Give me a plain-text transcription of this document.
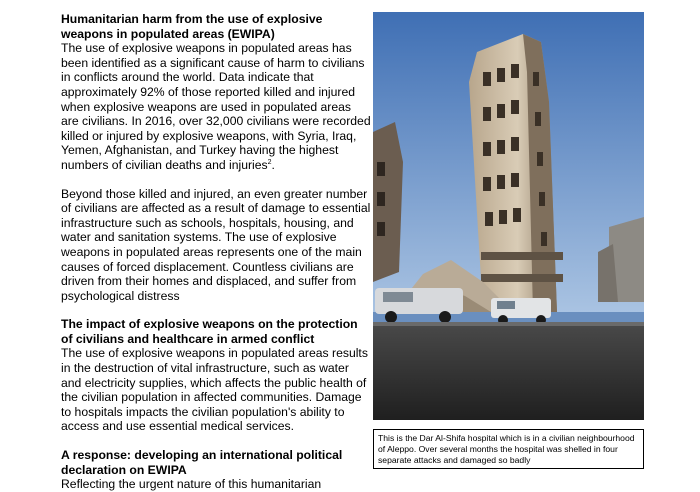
Humanitarian harm from the use of explosive weapons in populated areas (EWIPA)
The use of explosive weapons in populated areas has been identified as a significant cause of harm to civilians in conflicts around the world. Data indicate that approximately 92% of those reported killed and injured when explosive weapons are used in populated areas are civilians. In 2016, over 32,000 civilians were recorded killed or injured by explosive weapons, with Syria, Iraq, Yemen, Afghanistan, and Turkey having the highest numbers of civilian deaths and injuries$^2$.
Beyond those killed and injured, an even greater number of civilians are affected as a result of damage to essential infrastructure such as schools, hospitals, housing, and water and sanitation systems. The use of explosive weapons in populated areas represents one of the main causes of forced displacement. Countless civilians are driven from their homes and displaced, and suffer from psychological distress
The impact of explosive weapons on the protection of civilians and healthcare in armed conflict
The use of explosive weapons in populated areas results in the destruction of vital infrastructure, such as water and electricity supplies, which affects the public health of the civilian population in affected communities. Damage to hospitals impacts the civilian population's ability to access and use essential medical services.
A response: developing an international political declaration on EWIPA
Reflecting the urgent nature of this humanitarian
This is the Dar Al-Shifa hospital which is in a civilian neighbourhood of Aleppo. Over several months the hospital was shelled in four separate attacks and damaged so badly
